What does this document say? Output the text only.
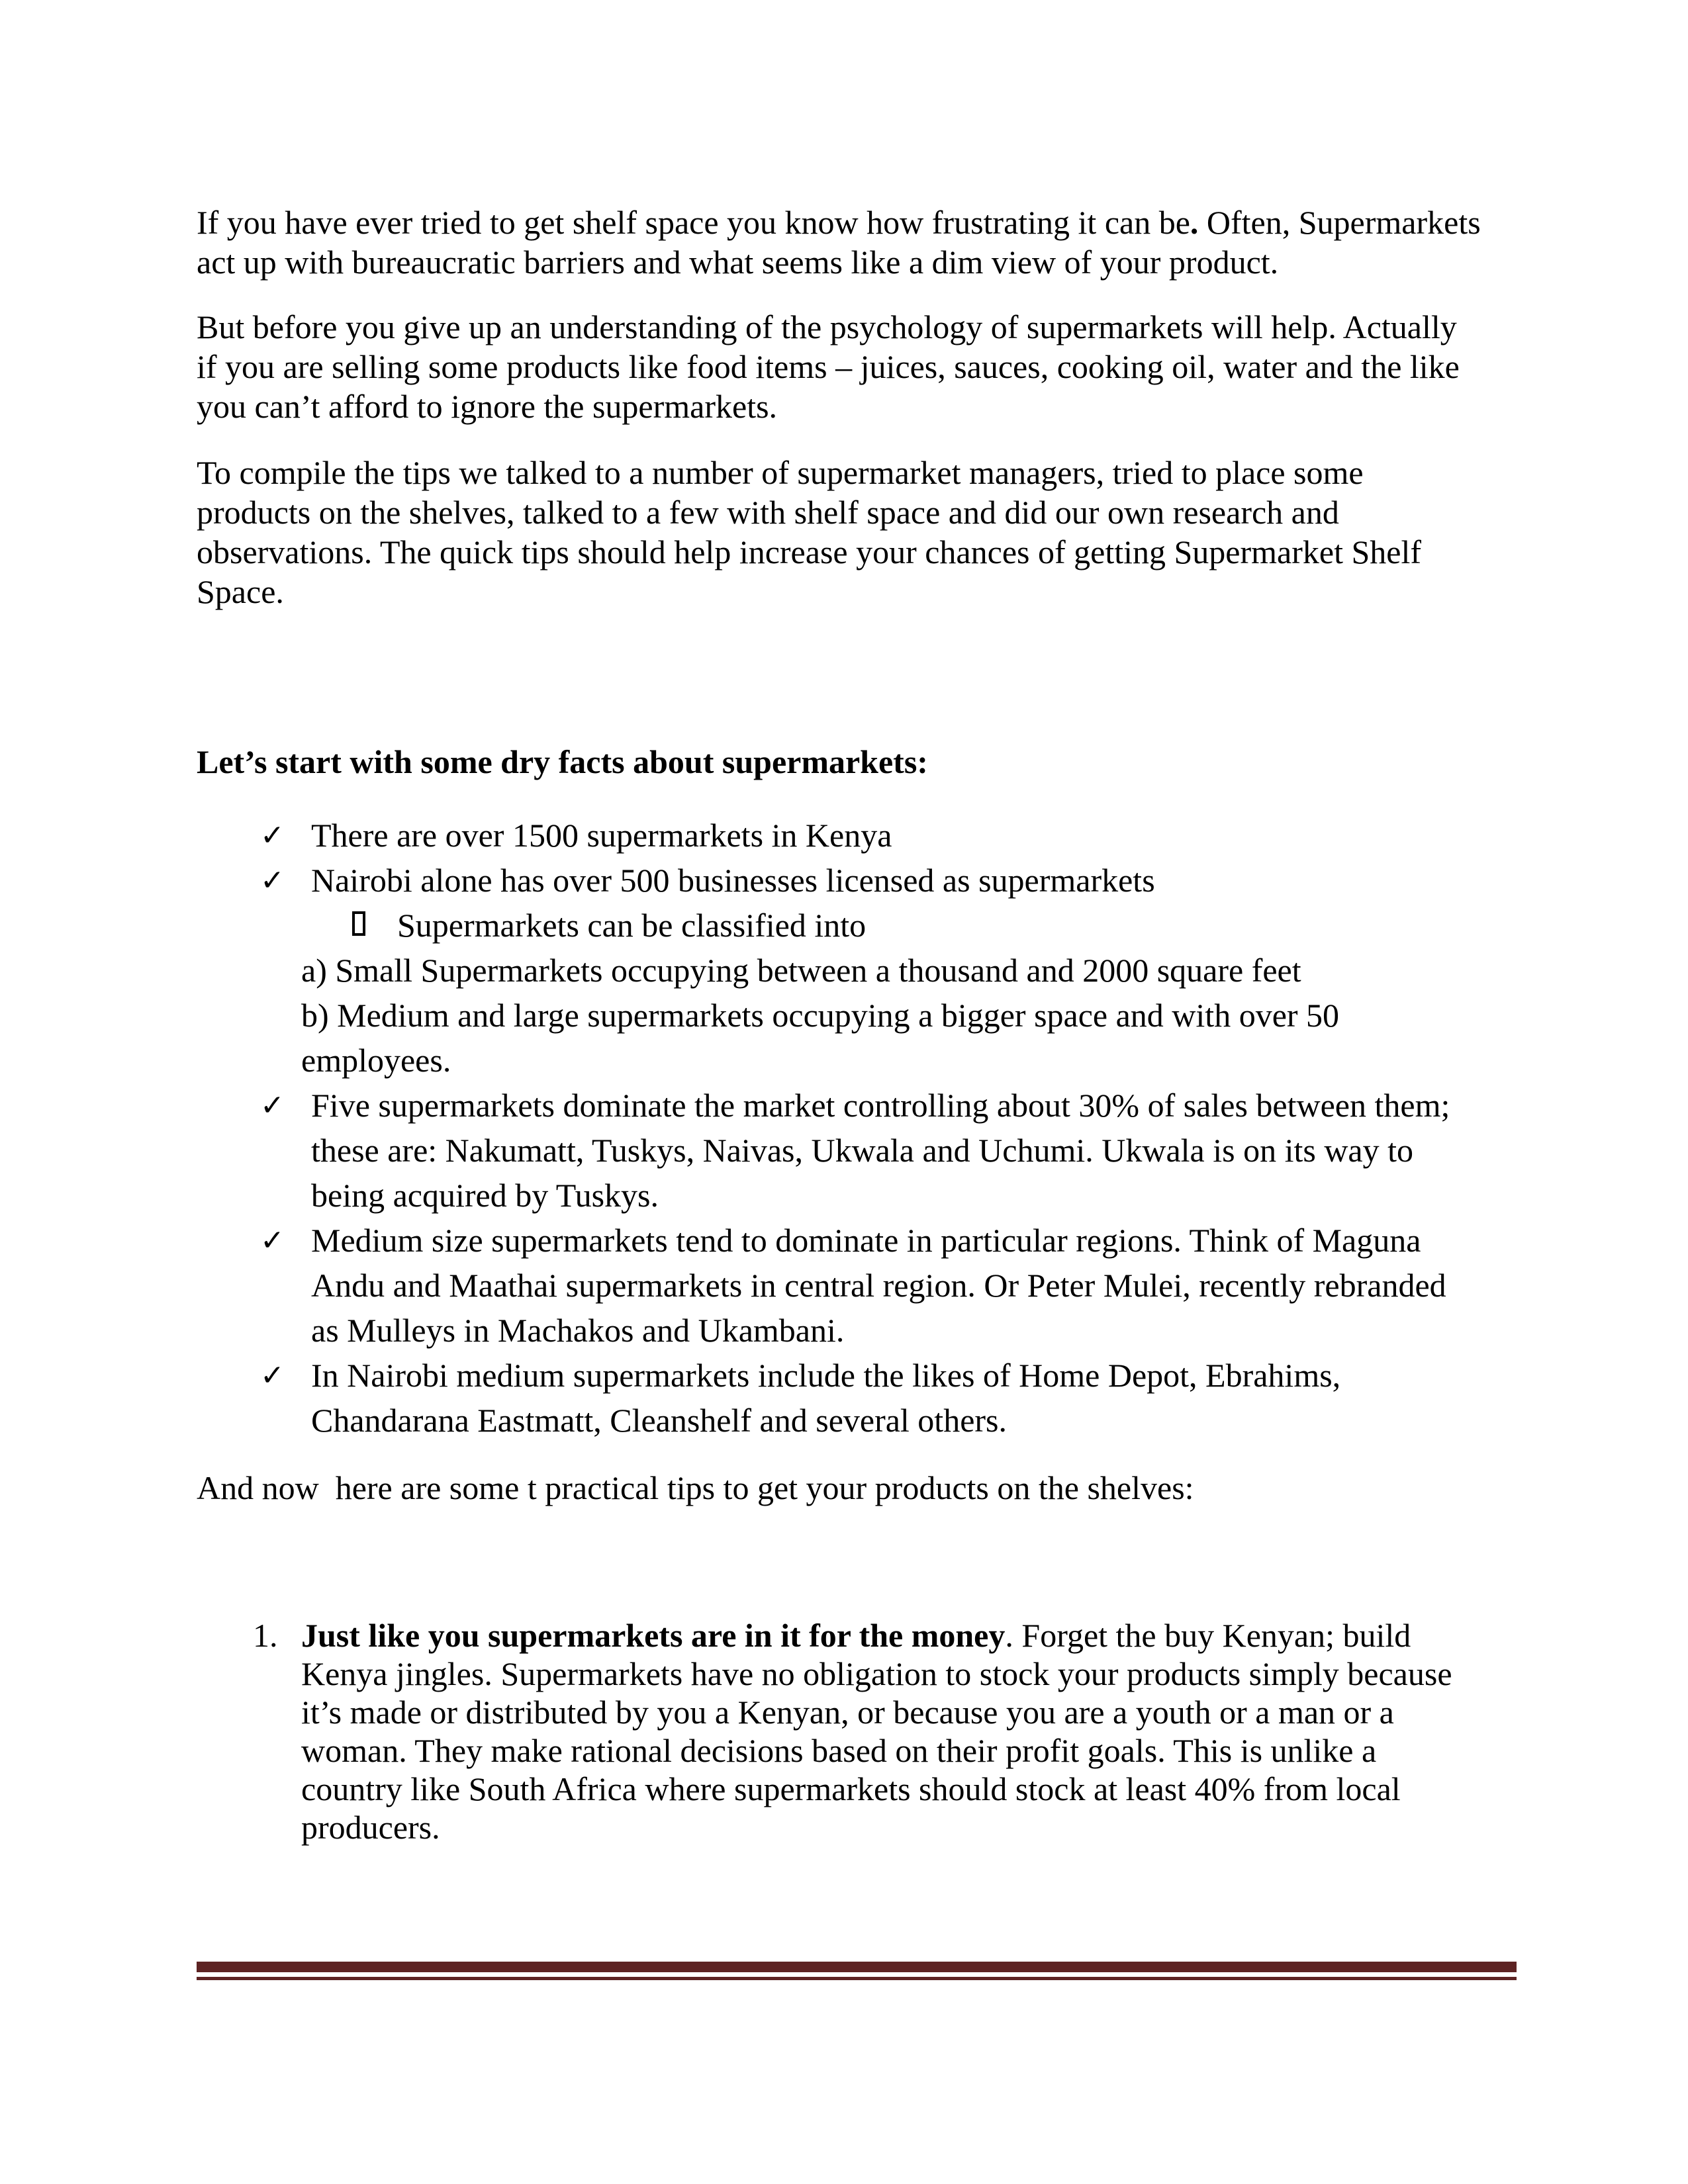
If you have ever tried to get shelf space you know how frustrating it can be. Often, Supermarkets act up with bureaucratic barriers and what seems like a dim view of your product.

But before you give up an understanding of the psychology of supermarkets will help. Actually if you are selling some products like food items – juices, sauces, cooking oil, water and the like you can’t afford to ignore the supermarkets.

To compile the tips we talked to a number of supermarket managers, tried to place some products on the shelves, talked to a few with shelf space and did our own research and observations. The quick tips should help increase your chances of getting Supermarket Shelf Space.

Let’s start with some dry facts about supermarkets:
✓ There are over 1500 supermarkets in Kenya
✓ Nairobi alone has over 500 businesses licensed as supermarkets
Supermarkets can be classified into
a) Small Supermarkets occupying between a thousand and 2000 square feet
b) Medium and large supermarkets occupying a bigger space and with over 50 employees.
✓ Five supermarkets dominate the market controlling about 30% of sales between them; these are: Nakumatt, Tuskys, Naivas, Ukwala and Uchumi. Ukwala is on its way to being acquired by Tuskys.
✓ Medium size supermarkets tend to dominate in particular regions. Think of Maguna Andu and Maathai supermarkets in central region. Or Peter Mulei, recently rebranded as Mulleys in Machakos and Ukambani.
✓ In Nairobi medium supermarkets include the likes of Home Depot, Ebrahims, Chandarana Eastmatt, Cleanshelf and several others.

And now  here are some t practical tips to get your products on the shelves:

1. Just like you supermarkets are in it for the money. Forget the buy Kenyan; build Kenya jingles. Supermarkets have no obligation to stock your products simply because it’s made or distributed by you a Kenyan, or because you are a youth or a man or a woman. They make rational decisions based on their profit goals. This is unlike a country like South Africa where supermarkets should stock at least 40% from local producers.
